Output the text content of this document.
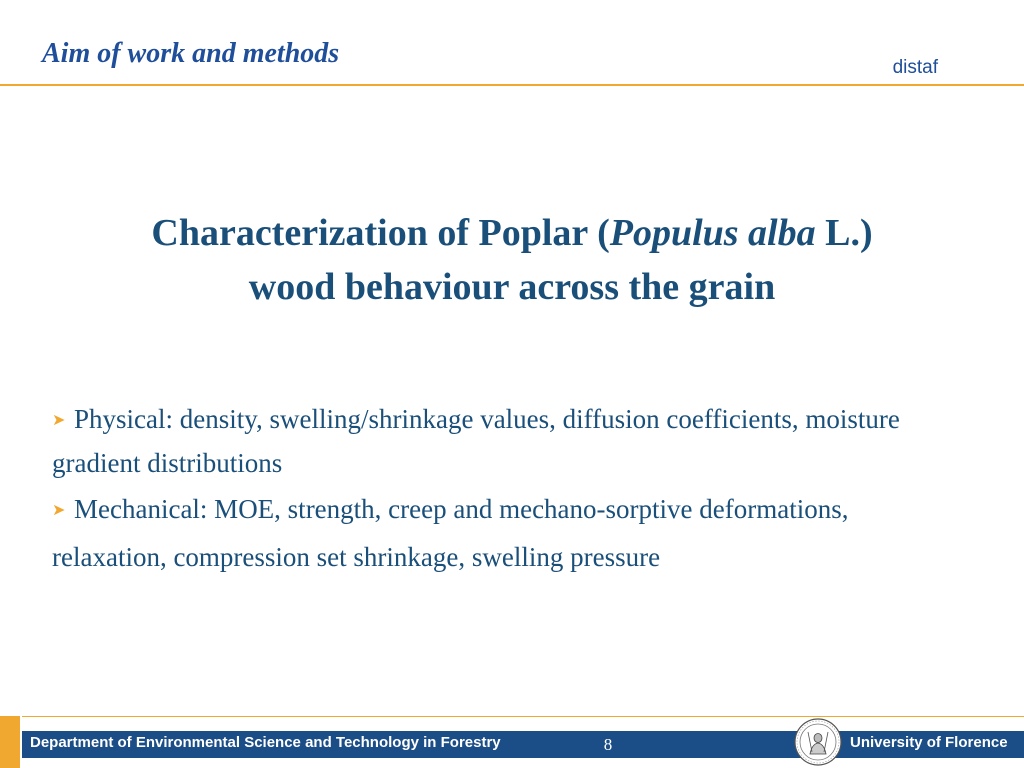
Aim of work and methods	distaf
Characterization of Poplar (Populus alba L.)
wood behaviour across the grain
➤ Physical: density, swelling/shrinkage values, diffusion coefficients, moisture gradient distributions
➤ Mechanical: MOE, strength, creep and mechano-sorptive deformations, relaxation, compression set shrinkage, swelling pressure
Department of Environmental Science and Technology in Forestry	8	University of Florence
